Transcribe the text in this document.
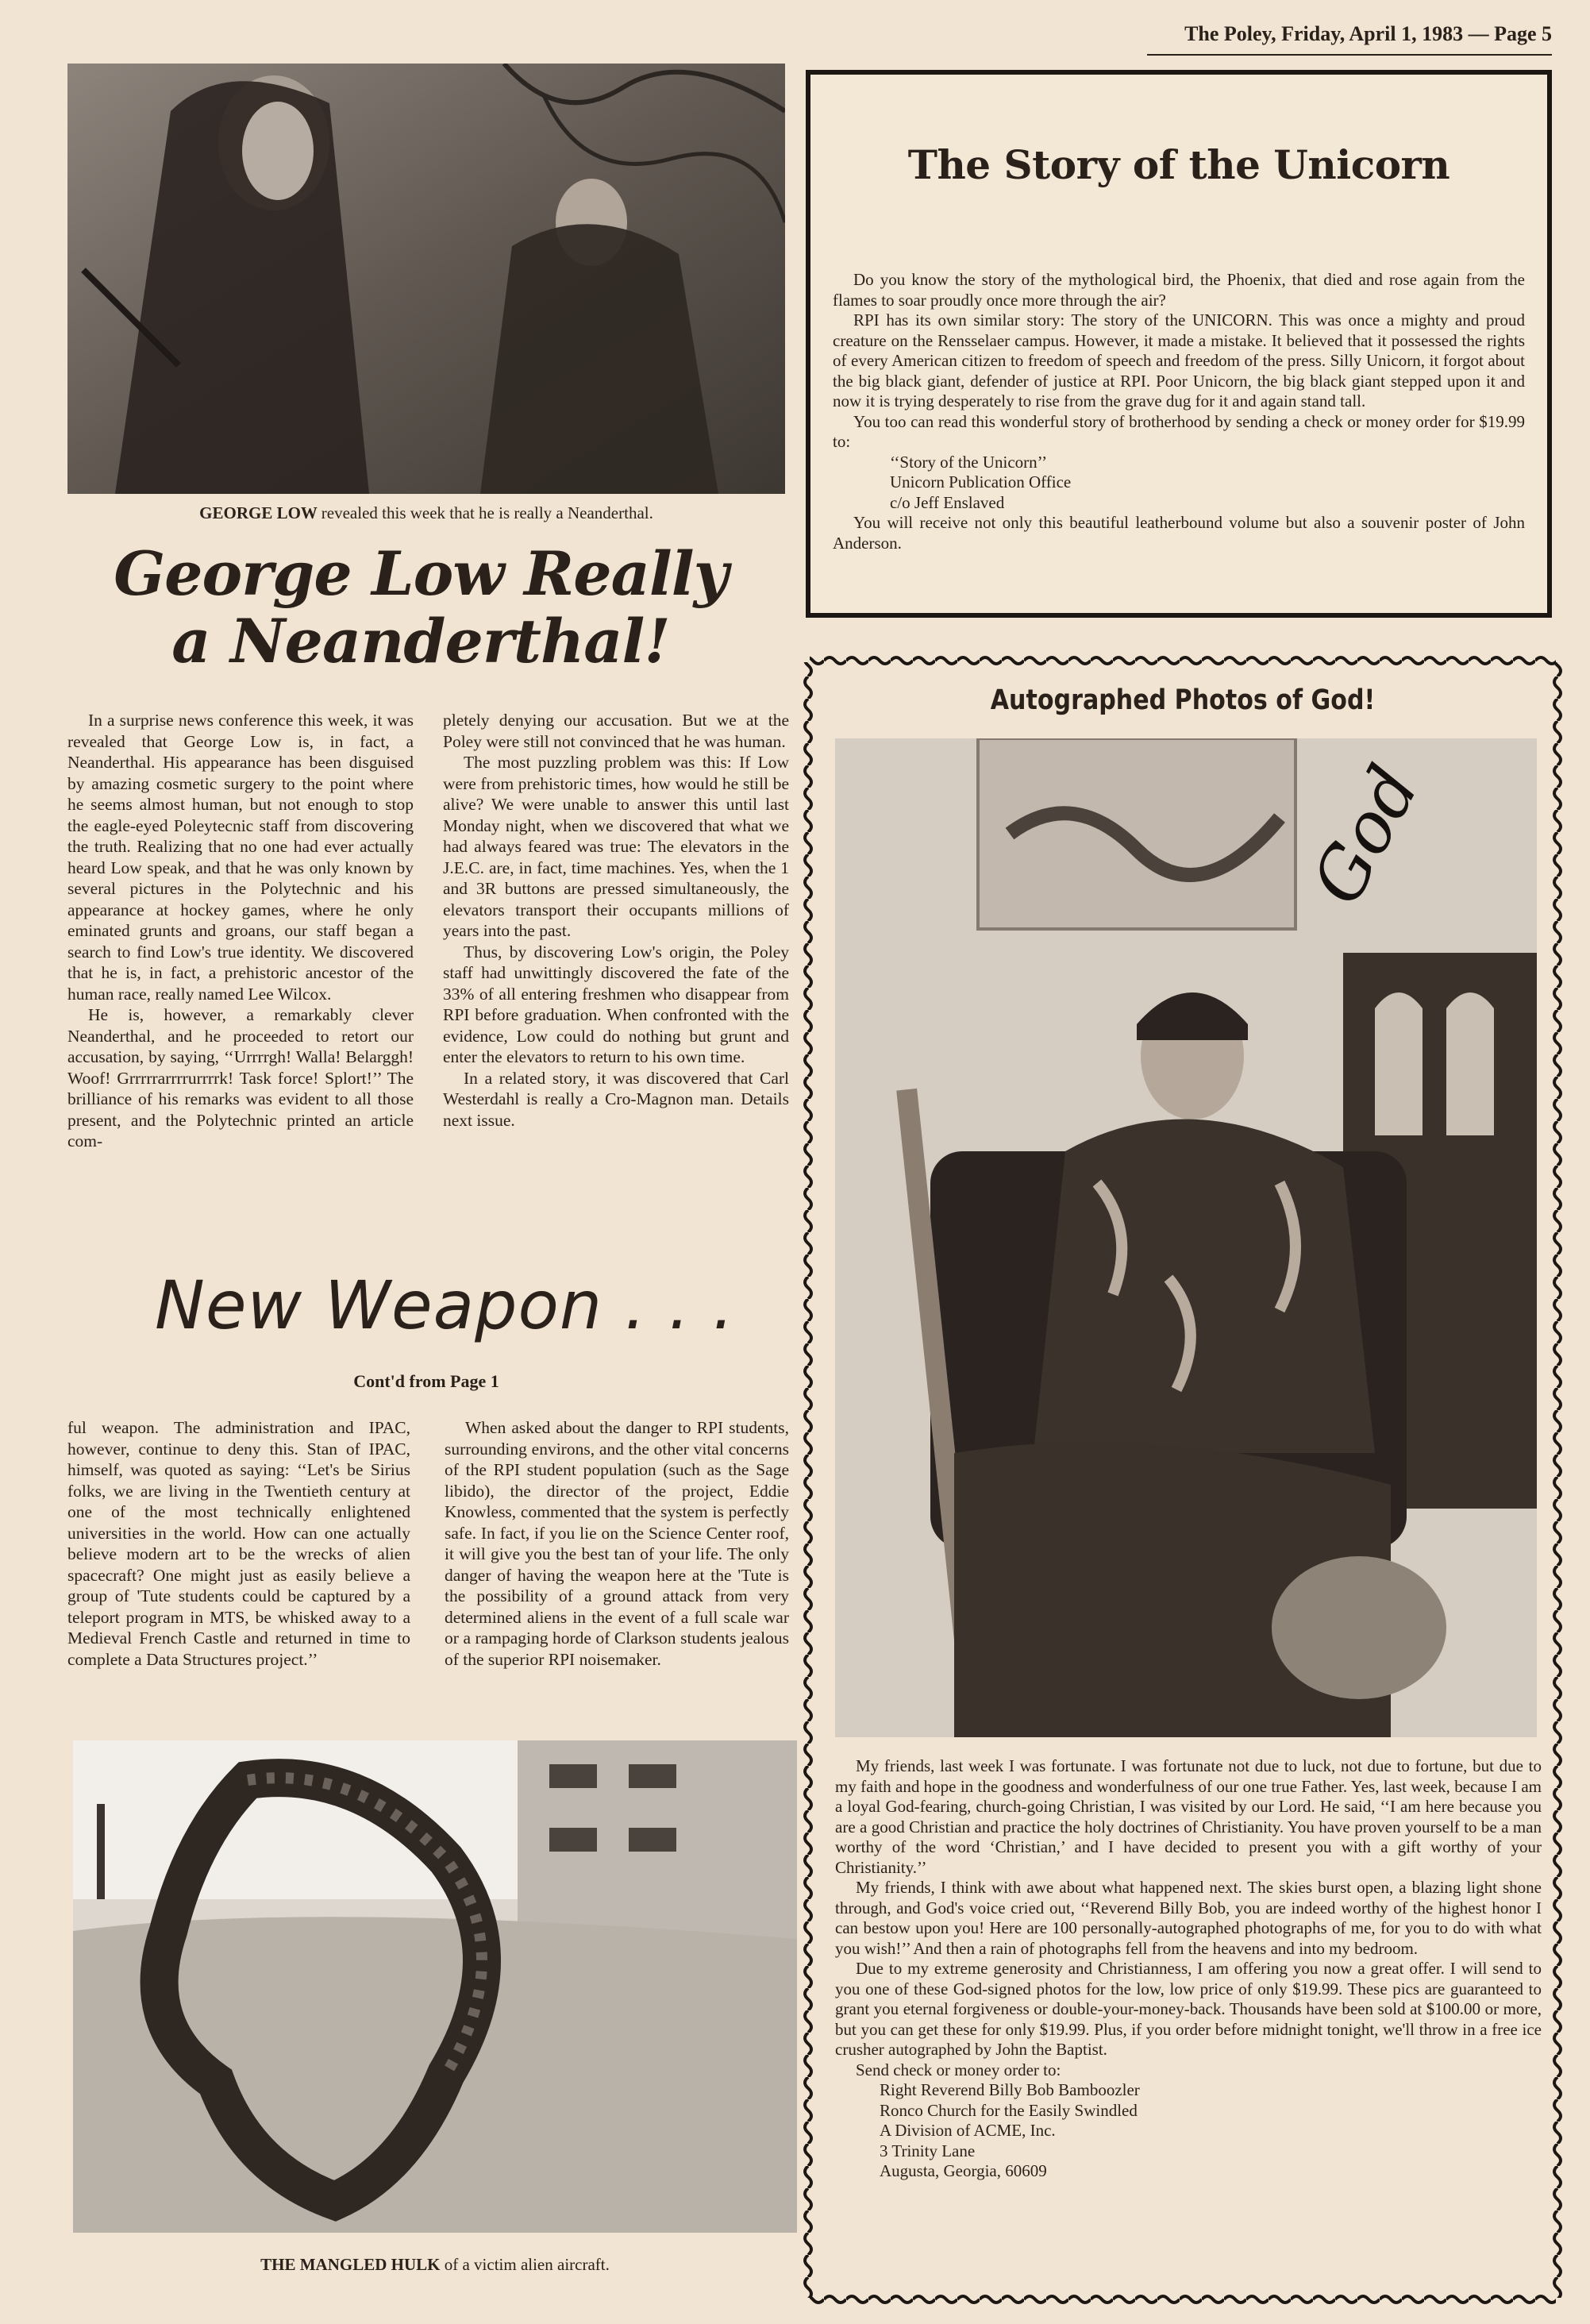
The Poley, Friday, April 1, 1983 — Page 5
GEORGE LOW revealed this week that he is really a Neanderthal.
George Low Really
a Neanderthal!

In a surprise news conference this week, it was revealed that George Low is, in fact, a Neanderthal. His appearance has been disguised by amazing cosmetic surgery to the point where he seems almost human, but not enough to stop the eagle-eyed Poleytecnic staff from discovering the truth. Realizing that no one had ever actually heard Low speak, and that he was only known by several pictures in the Polytechnic and his appearance at hockey games, where he only eminated grunts and groans, our staff began a search to find Low's true identity. We discovered that he is, in fact, a prehistoric ancestor of the human race, really named Lee Wilcox.

He is, however, a remarkably clever Neanderthal, and he proceeded to retort our accusation, by saying, ‘‘Urrrrgh! Walla! Belarggh! Woof! Grrrrrarrrrurrrrk! Task force! Splort!’’ The brilliance of his remarks was evident to all those present, and the Polytechnic printed an article com-

pletely denying our accusation. But we at the Poley were still not convinced that he was human.

The most puzzling problem was this: If Low were from prehistoric times, how would he still be alive? We were unable to answer this until last Monday night, when we discovered that what we had always feared was true: The elevators in the J.E.C. are, in fact, time machines. Yes, when the 1 and 3R buttons are pressed simultaneously, the elevators transport their occupants millions of years into the past.

Thus, by discovering Low's origin, the Poley staff had unwittingly discovered the fate of the 33% of all entering freshmen who disappear from RPI before graduation. When confronted with the evidence, Low could do nothing but grunt and enter the elevators to return to his own time.

In a related story, it was discovered that Carl Westerdahl is really a Cro-Magnon man. Details next issue.

New Weapon . . .
Cont'd from Page 1

ful weapon. The administration and IPAC, however, continue to deny this. Stan of IPAC, himself, was quoted as saying: ‘‘Let's be Sirius folks, we are living in the Twentieth century at one of the most technically enlightened universities in the world. How can one actually believe modern art to be the wrecks of alien spacecraft? One might just as easily believe a group of 'Tute students could be captured by a teleport program in MTS, be whisked away to a Medieval French Castle and returned in time to complete a Data Structures project.’’

When asked about the danger to RPI students, surrounding environs, and the other vital concerns of the RPI student population (such as the Sage libido), the director of the project, Eddie Knowless, commented that the system is perfectly safe. In fact, if you lie on the Science Center roof, it will give you the best tan of your life. The only danger of having the weapon here at the 'Tute is the possibility of a ground attack from very determined aliens in the event of a full scale war or a rampaging horde of Clarkson students jealous of the superior RPI noisemaker.

THE MANGLED HULK of a victim alien aircraft.
The Story of the Unicorn

Do you know the story of the mythological bird, the Phoenix, that died and rose again from the flames to soar proudly once more through the air?

RPI has its own similar story: The story of the UNICORN. This was once a mighty and proud creature on the Rensselaer campus. However, it made a mistake. It believed that it possessed the rights of every American citizen to freedom of speech and freedom of the press. Silly Unicorn, it forgot about the big black giant, defender of justice at RPI. Poor Unicorn, the big black giant stepped upon it and now it is trying desperately to rise from the grave dug for it and again stand tall.

You too can read this wonderful story of brotherhood by sending a check or money order for $19.99 to:

‘‘Story of the Unicorn’’

Unicorn Publication Office

c/o Jeff Enslaved

You will receive not only this beautiful leatherbound volume but also a souvenir poster of John Anderson.

Autographed Photos of God!
God

My friends, last week I was fortunate. I was fortunate not due to luck, not due to fortune, but due to my faith and hope in the goodness and wonderfulness of our one true Father. Yes, last week, because I am a loyal God-fearing, church-going Christian, I was visited by our Lord. He said, ‘‘I am here because you are a good Christian and practice the holy doctrines of Christianity. You have proven yourself to be a man worthy of the word ‘Christian,’ and I have decided to present you with a gift worthy of your Christianity.’’

My friends, I think with awe about what happened next. The skies burst open, a blazing light shone through, and God's voice cried out, ‘‘Reverend Billy Bob, you are indeed worthy of the highest honor I can bestow upon you! Here are 100 personally-autographed photographs of me, for you to do with what you wish!’’ And then a rain of photographs fell from the heavens and into my bedroom.

Due to my extreme generosity and Christianness, I am offering you now a great offer. I will send to you one of these God-signed photos for the low, low price of only $19.99. These pics are guaranteed to grant you eternal forgiveness or double-your-money-back. Thousands have been sold at $100.00 or more, but you can get these for only $19.99. Plus, if you order before midnight tonight, we'll throw in a free ice crusher autographed by John the Baptist.

Send check or money order to:

Right Reverend Billy Bob Bamboozler

Ronco Church for the Easily Swindled

A Division of ACME, Inc.

3 Trinity Lane

Augusta, Georgia, 60609
